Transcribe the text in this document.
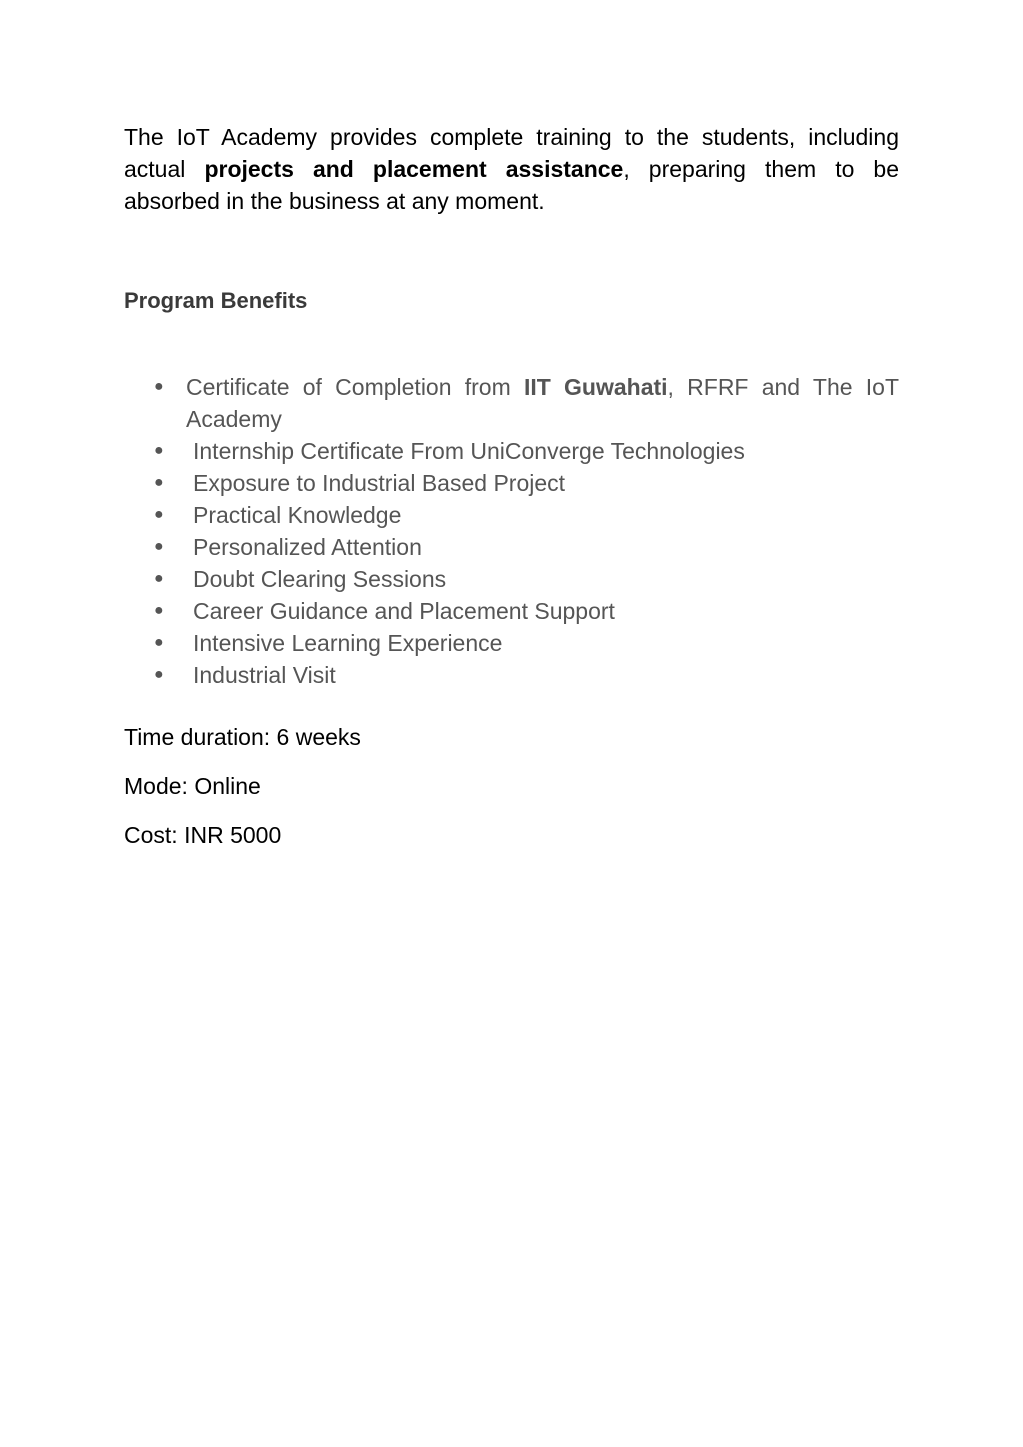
The IoT Academy provides complete training to the students, including actual projects and placement assistance, preparing them to be absorbed in the business at any moment.

Program Benefits
● Certificate of Completion from IIT Guwahati, RFRF and The IoT Academy
● Internship Certificate From UniConverge Technologies
● Exposure to Industrial Based Project
● Practical Knowledge
● Personalized Attention
● Doubt Clearing Sessions
● Career Guidance and Placement Support
● Intensive Learning Experience
● Industrial Visit

Time duration: 6 weeks

Mode: Online

Cost: INR 5000
